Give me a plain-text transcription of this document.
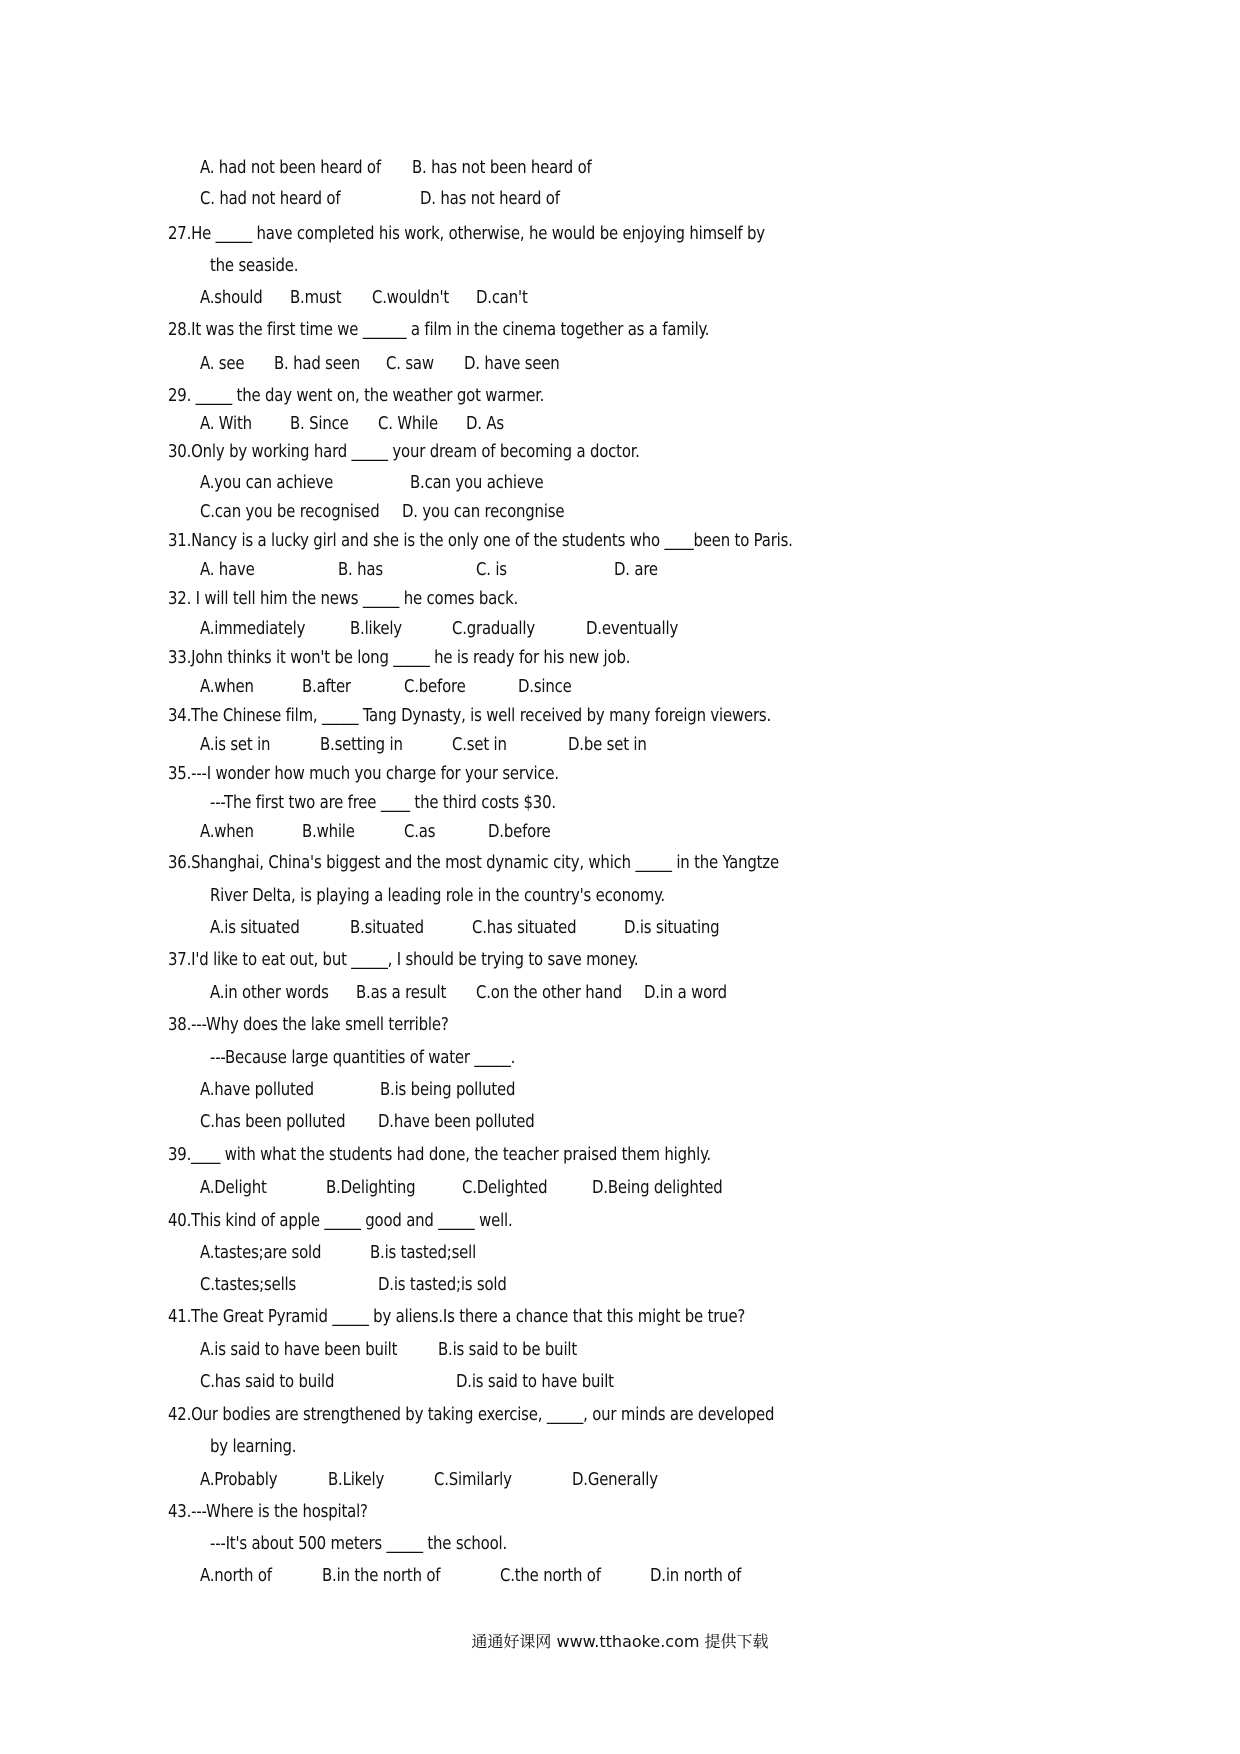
A. had not been heard of B. has not been heard of
C. had not heard of	D. has not heard of
27.He _____ have completed his work, otherwise, he would be enjoying himself by
the seaside.
A.should B.must C.wouldn't D.can't
28.It was the first time we ______ a film in the cinema together as a family.
A. see B. had seen C. saw D. have seen
29. _____ the day went on, the weather got warmer.
A. With B. Since C. While D. As
30.Only by working hard _____ your dream of becoming a doctor.
A.you can achieve	B.can you achieve
C.can you be recognised D. you can recongnise
31.Nancy is a lucky girl and she is the only one of the students who ____been to Paris.
A. have	B. has	C. is	D. are
32. I will tell him the news _____ he comes back.
A.immediately B.likely	C.gradually	D.eventually
33.John thinks it won't be long _____ he is ready for his new job.
A.when	B.after	C.before	D.since
34.The Chinese film, _____ Tang Dynasty, is well received by many foreign viewers.
A.is set in	B.setting in	C.set in	D.be set in
35.---I wonder how much you charge for your service.
---The first two are free ____ the third costs $30.
A.when	B.while	C.as	D.before
36.Shanghai, China's biggest and the most dynamic city, which _____ in the Yangtze
River Delta, is playing a leading role in the country's economy.
A.is situated	B.situated	C.has situated	D.is situating
37.I'd like to eat out, but _____, I should be trying to save money.
A.in other words B.as a result C.on the other hand D.in a word
38.---Why does the lake smell terrible?
---Because large quantities of water _____.
A.have polluted	B.is being polluted
C.has been polluted D.have been polluted
39.____ with what the students had done, the teacher praised them highly.
A.Delight	B.Delighting	C.Delighted D.Being delighted
40.This kind of apple _____ good and _____ well.
A.tastes;are sold	B.is tasted;sell
C.tastes;sells	D.is tasted;is sold
41.The Great Pyramid _____ by aliens.Is there a chance that this might be true?
A.is said to have been built B.is said to be built
C.has said to build	D.is said to have built
42.Our bodies are strengthened by taking exercise, _____, our minds are developed
by learning.
A.Probably	B.Likely	C.Similarly	D.Generally
43.---Where is the hospital?
---It's about 500 meters _____ the school.
A.north of	B.in the north of	C.the north of	D.in north of
通通好课网 www.tthaoke.com 提供下载
